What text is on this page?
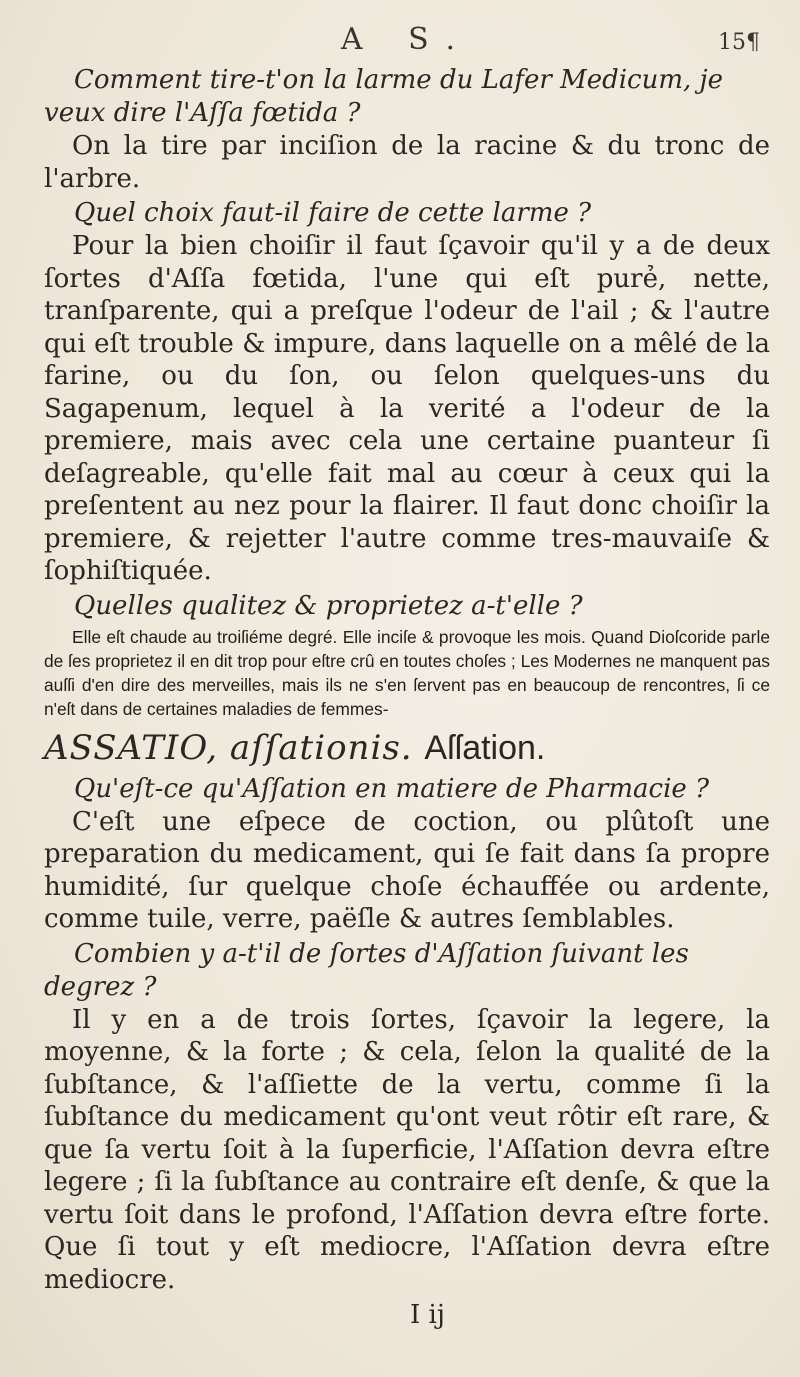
A S.	15¶

Comment tire-t'on la larme du Lafer Medicum, je veux dire l'Aſſa fœtida ?

On la tire par inciſion de la racine & du tronc de l'arbre.

Quel choix faut-il faire de cette larme ?

Pour la bien choiſir il faut ſçavoir qu'il y a de deux ſortes d'Aſſa fœtida, l'une qui eſt purẻ, nette, tranſparente, qui a preſque l'odeur de l'ail ; & l'autre qui eſt trouble & impure, dans laquelle on a mêlé de la farine, ou du ſon, ou ſelon quelques-uns du Sagapenum, lequel à la verité a l'odeur de la premiere, mais avec cela une certaine puanteur ſi deſagreable, qu'elle fait mal au cœur à ceux qui la preſentent au nez pour la flairer. Il faut donc choiſir la premiere, & rejetter l'autre comme tres-mauvaiſe & ſophiſtiquée.

Quelles qualitez & proprietez a-t'elle ?

Elle eſt chaude au troiſiéme degré. Elle inciſe & provoque les mois. Quand Dioſcoride parle de ſes proprietez il en dit trop pour eſtre crû en toutes choſes ; Les Modernes ne manquent pas auſſi d'en dire des merveilles, mais ils ne s'en ſervent pas en beaucoup de rencontres, ſi ce n'eſt dans de certaines maladies de femmes-

ASSATIO, aſſationis. Aſſation.

Qu'eſt-ce qu'Aſſation en matiere de Pharmacie ?

C'eſt une eſpece de coction, ou plûtoſt une preparation du medicament, qui ſe fait dans ſa propre humidité, ſur quelque choſe échauffée ou ardente, comme tuile, verre, paëſle & autres ſemblables.

Combien y a-t'il de ſortes d'Aſſation ſuivant les degrez ?

Il y en a de trois ſortes, ſçavoir la legere, la moyenne, & la forte ; & cela, ſelon la qualité de la ſubſtance, & l'aſſiette de la vertu, comme ſi la ſubſtance du medicament qu'ont veut rôtir eſt rare, & que ſa vertu ſoit à la ſuperficie, l'Aſſation devra eſtre legere ; ſi la ſubſtance au contraire eſt denſe, & que la vertu ſoit dans le profond, l'Aſſation devra eſtre forte. Que ſi tout y eſt mediocre, l'Aſſation devra eſtre mediocre.

I ij
